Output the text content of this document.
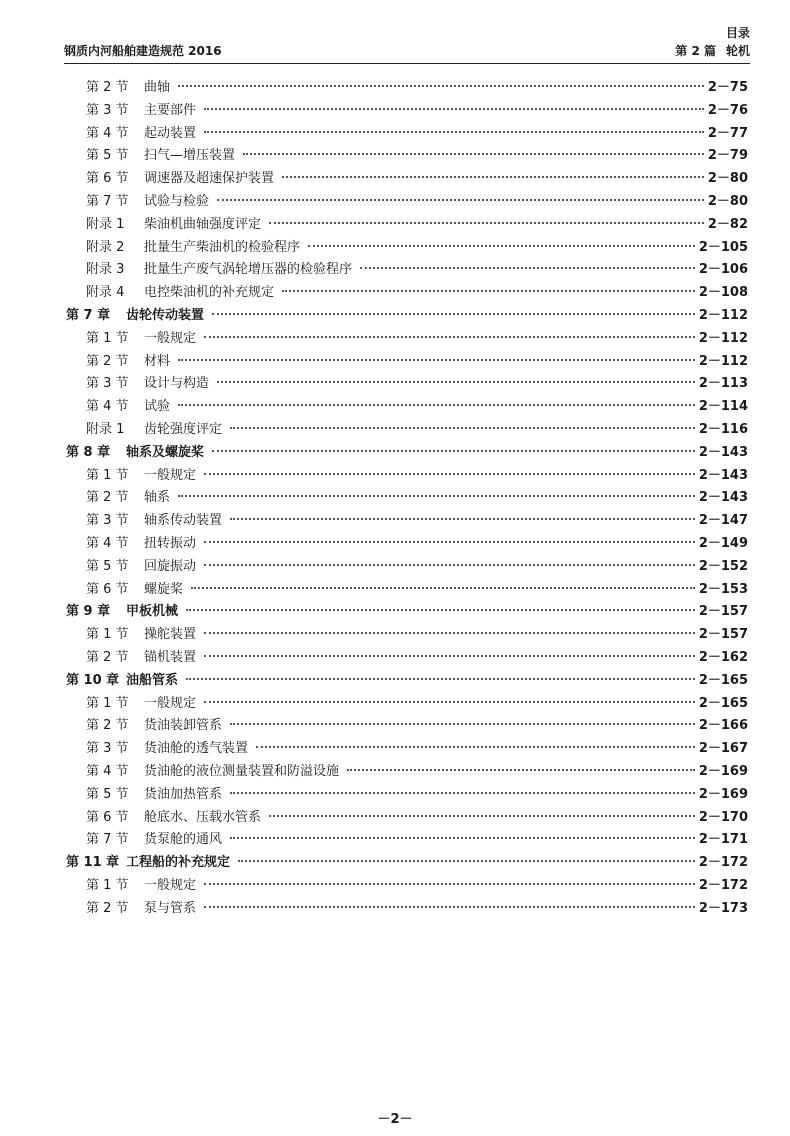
钢质内河船舶建造规范 2016
目录
第 2 篇 轮机
第 2 节	曲轴	2－75
第 3 节	主要部件	2－76
第 4 节	起动装置	2－77
第 5 节	扫气—增压装置	2－79
第 6 节	调速器及超速保护装置	2－80
第 7 节	试验与检验	2－80
附录 1	柴油机曲轴强度评定	2－82
附录 2	批量生产柴油机的检验程序	2－105
附录 3	批量生产废气涡轮增压器的检验程序	2－106
附录 4	电控柴油机的补充规定	2－108
第 7 章	齿轮传动装置	2－112
第 1 节	一般规定	2－112
第 2 节	材料	2－112
第 3 节	设计与构造	2－113
第 4 节	试验	2－114
附录 1	齿轮强度评定	2－116
第 8 章	轴系及螺旋桨	2－143
第 1 节	一般规定	2－143
第 2 节	轴系	2－143
第 3 节	轴系传动装置	2－147
第 4 节	扭转振动	2－149
第 5 节	回旋振动	2－152
第 6 节	螺旋桨	2－153
第 9 章	甲板机械	2－157
第 1 节	操舵装置	2－157
第 2 节	锚机装置	2－162
第 10 章 油船管系	2－165
第 1 节	一般规定	2－165
第 2 节	货油装卸管系	2－166
第 3 节	货油舱的透气装置	2－167
第 4 节	货油舱的液位测量装置和防溢设施	2－169
第 5 节	货油加热管系	2－169
第 6 节	舱底水、压载水管系	2－170
第 7 节	货泵舱的通风	2－171
第 11 章 工程船的补充规定	2－172
第 1 节	一般规定	2－172
第 2 节	泵与管系	2－173
－2－
